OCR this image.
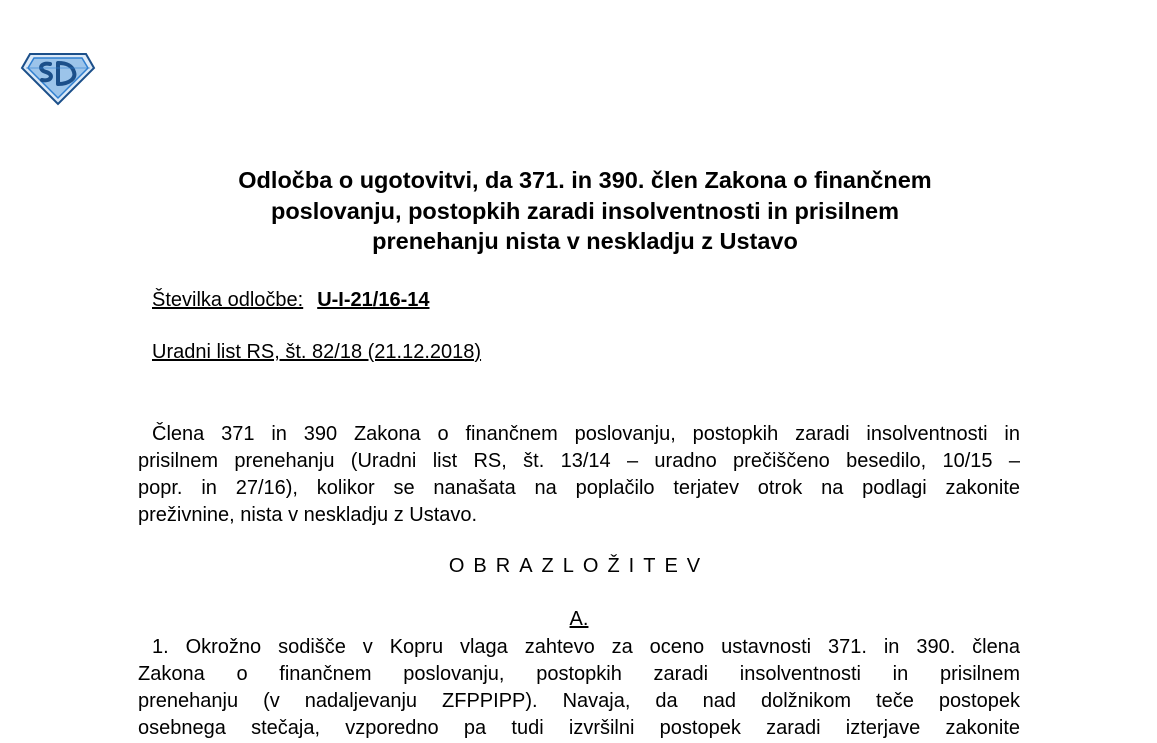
Odločba o ugotovitvi, da 371. in 390. člen Zakona o finančnem
poslovanju, postopkih zaradi insolventnosti in prisilnem
prenehanju nista v neskladju z Ustavo
Številka odločbe: U-I-21/16-14
Uradni list RS, št. 82/18 (21.12.2018)
Člena 371 in 390 Zakona o finančnem poslovanju, postopkih zaradi insolventnosti in
prisilnem prenehanju (Uradni list RS, št. 13/14 – uradno prečiščeno besedilo, 10/15 –
popr. in 27/16), kolikor se nanašata na poplačilo terjatev otrok na podlagi zakonite
preživnine, nista v neskladju z Ustavo.
OBRAZLOŽITEV
A.
1. Okrožno sodišče v Kopru vlaga zahtevo za oceno ustavnosti 371. in 390. člena
Zakona o finančnem poslovanju, postopkih zaradi insolventnosti in prisilnem
prenehanju (v nadaljevanju ZFPPIPP). Navaja, da nad dolžnikom teče postopek
osebnega stečaja, vzporedno pa tudi izvršilni postopek zaradi izterjave zakonite
